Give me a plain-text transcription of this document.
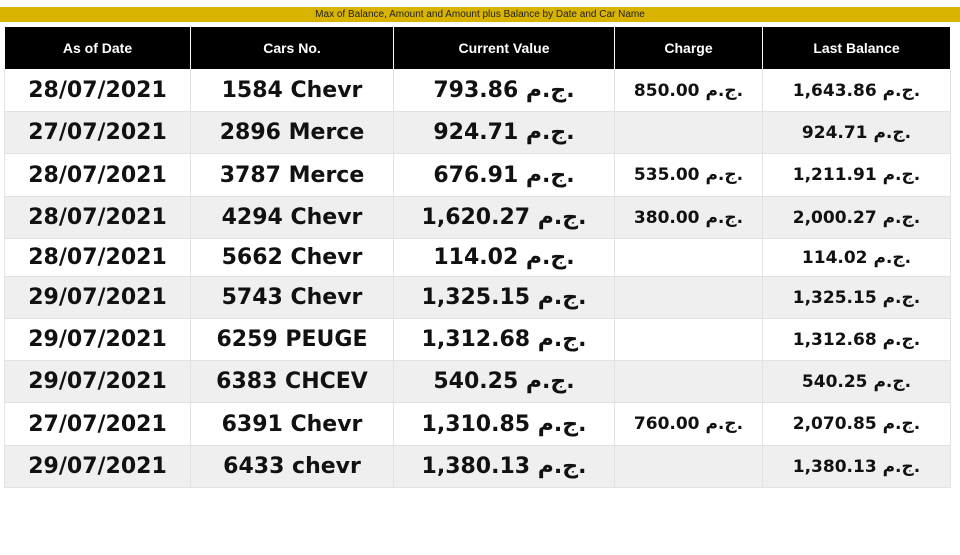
Max of Balance, Amount and Amount plus Balance by Date and Car Name
As of Date	Cars No.	Current Value	Charge	Last Balance
28/07/2021	1584 Chevr	793.86 ج.م.	850.00 ج.م.	1,643.86 ج.م.
27/07/2021	2896 Merce	924.71 ج.م.		924.71 ج.م.
28/07/2021	3787 Merce	676.91 ج.م.	535.00 ج.م.	1,211.91 ج.م.
28/07/2021	4294 Chevr	1,620.27 ج.م.	380.00 ج.م.	2,000.27 ج.م.
28/07/2021	5662 Chevr	114.02 ج.م.		114.02 ج.م.
29/07/2021	5743 Chevr	1,325.15 ج.م.		1,325.15 ج.م.
29/07/2021	6259 PEUGE	1,312.68 ج.م.		1,312.68 ج.م.
29/07/2021	6383 CHCEV	540.25 ج.م.		540.25 ج.م.
27/07/2021	6391 Chevr	1,310.85 ج.م.	760.00 ج.م.	2,070.85 ج.م.
29/07/2021	6433 chevr	1,380.13 ج.م.		1,380.13 ج.م.
